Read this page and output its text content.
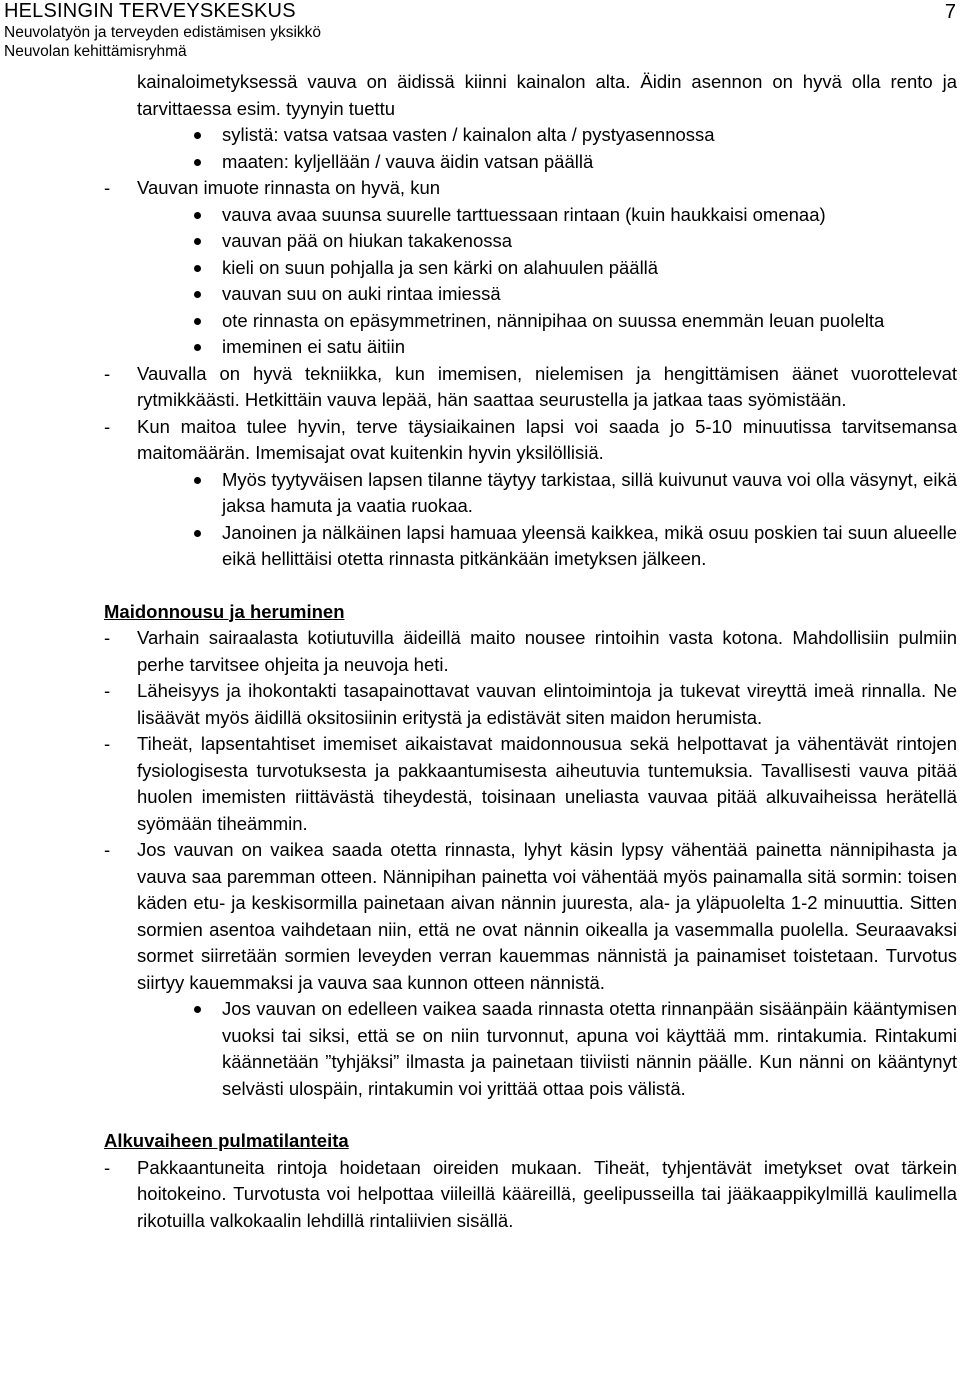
HELSINGIN TERVEYSKESKUS
Neuvolatyön ja terveyden edistämisen yksikkö
Neuvolan kehittämisryhmä
7
kainaloimetyksessä vauva on äidissä kiinni kainalon alta. Äidin asennon on hyvä olla rento ja tarvittaessa esim. tyynyin tuettu
sylistä: vatsa vatsaa vasten / kainalon alta / pystyasennossa
maaten: kyljellään / vauva äidin vatsan päällä
- Vauvan imuote rinnasta on hyvä, kun
vauva avaa suunsa suurelle tarttuessaan rintaan (kuin haukkaisi omenaa)
vauvan pää on hiukan takakenossa
kieli on suun pohjalla ja sen kärki on alahuulen päällä
vauvan suu on auki rintaa imiessä
ote rinnasta on epäsymmetrinen, nännipihaa on suussa enemmän leuan puolelta
imeminen ei satu äitiin
- Vauvalla on hyvä tekniikka, kun imemisen, nielemisen ja hengittämisen äänet vuorottelevat rytmikkäästi. Hetkittäin vauva lepää, hän saattaa seurustella ja jatkaa taas syömistään.
- Kun maitoa tulee hyvin, terve täysiaikainen lapsi voi saada jo 5-10 minuutissa tarvitsemansa maitomäärän. Imemisajat ovat kuitenkin hyvin yksilöllisiä.
Myös tyytyväisen lapsen tilanne täytyy tarkistaa, sillä kuivunut vauva voi olla väsynyt, eikä jaksa hamuta ja vaatia ruokaa.
Janoinen ja nälkäinen lapsi hamuaa yleensä kaikkea, mikä osuu poskien tai suun alueelle eikä hellittäisi otetta rinnasta pitkänkään imetyksen jälkeen.
Maidonnousu ja heruminen
- Varhain sairaalasta kotiutuvilla äideillä maito nousee rintoihin vasta kotona. Mahdollisiin pulmiin perhe tarvitsee ohjeita ja neuvoja heti.
- Läheisyys ja ihokontakti tasapainottavat vauvan elintoimintoja ja tukevat vireyttä imeä rinnalla. Ne lisäävät myös äidillä oksitosiinin eritystä ja edistävät siten maidon herumista.
- Tiheät, lapsentahtiset imemiset aikaistavat maidonnousua sekä helpottavat ja vähentävät rintojen fysiologisesta turvotuksesta ja pakkaantumisesta aiheutuvia tuntemuksia. Tavallisesti vauva pitää huolen imemisten riittävästä tiheydestä, toisinaan uneliasta vauvaa pitää alkuvaiheissa herätellä syömään tiheämmin.
- Jos vauvan on vaikea saada otetta rinnasta, lyhyt käsin lypsy vähentää painetta nännipihasta ja vauva saa paremman otteen. Nännipihan painetta voi vähentää myös painamalla sitä sormin: toisen käden etu- ja keskisormilla painetaan aivan nännin juuresta, ala- ja yläpuolelta 1-2 minuuttia. Sitten sormien asentoa vaihdetaan niin, että ne ovat nännin oikealla ja vasemmalla puolella. Seuraavaksi sormet siirretään sormien leveyden verran kauemmas nännistä ja painamiset toistetaan. Turvotus siirtyy kauemmaksi ja vauva saa kunnon otteen nännistä.
Jos vauvan on edelleen vaikea saada rinnasta otetta rinnanpään sisäänpäin kääntymisen vuoksi tai siksi, että se on niin turvonnut, apuna voi käyttää mm. rintakumia. Rintakumi käännetään ”tyhjäksi” ilmasta ja painetaan tiiviisti nännin päälle. Kun nänni on kääntynyt selvästi ulospäin, rintakumin voi yrittää ottaa pois välistä.
Alkuvaiheen pulmatilanteita
- Pakkaantuneita rintoja hoidetaan oireiden mukaan. Tiheät, tyhjentävät imetykset ovat tärkein hoitokeino. Turvotusta voi helpottaa viileillä kääreillä, geelipusseilla tai jääkaappikylmillä kaulimella rikotuilla valkokaalin lehdillä rintaliivien sisällä.
